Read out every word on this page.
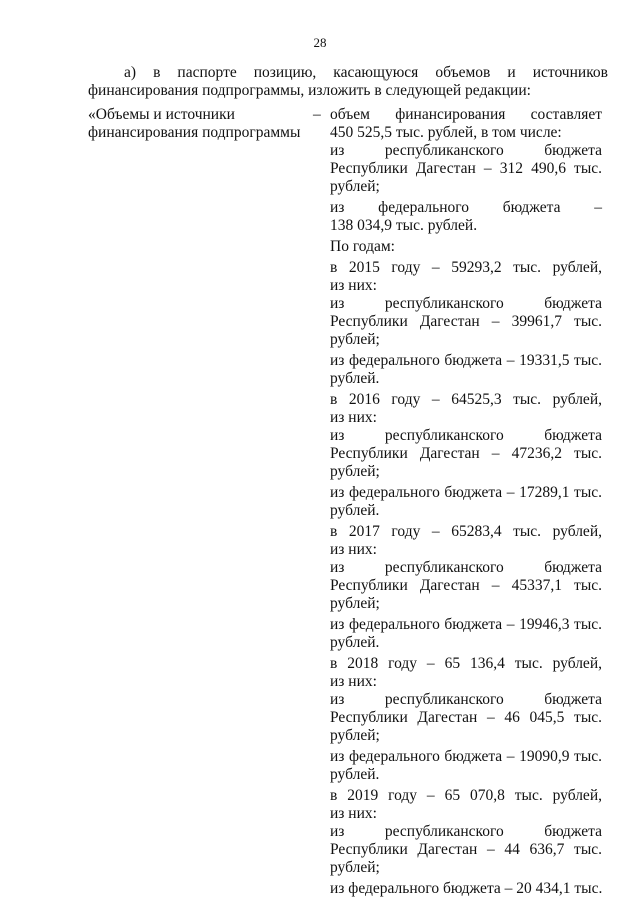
28
а) в паспорте позицию, касающуюся объемов и источников финансирования подпрограммы, изложить в следующей редакции:
«Объемы и источники
финансирования подпрограммы
– объем финансирования составляет
450 525,5 тыс. рублей, в том числе:
из республиканского бюджета
Республики Дагестан – 312 490,6 тыс.
рублей;
из федерального бюджета –
138 034,9 тыс. рублей.
По годам:
в 2015 году – 59293,2 тыс. рублей,
из них:
из республиканского бюджета
Республики Дагестан – 39961,7 тыс.
рублей;
из федерального бюджета – 19331,5 тыс.
рублей.
в 2016 году – 64525,3 тыс. рублей,
из них:
из республиканского бюджета
Республики Дагестан – 47236,2 тыс.
рублей;
из федерального бюджета – 17289,1 тыс.
рублей.
в 2017 году – 65283,4 тыс. рублей,
из них:
из республиканского бюджета
Республики Дагестан – 45337,1 тыс.
рублей;
из федерального бюджета – 19946,3 тыс.
рублей.
в 2018 году – 65 136,4 тыс. рублей,
из них:
из республиканского бюджета
Республики Дагестан – 46 045,5 тыс.
рублей;
из федерального бюджета – 19090,9 тыс.
рублей.
в 2019 году – 65 070,8 тыс. рублей,
из них:
из республиканского бюджета
Республики Дагестан – 44 636,7 тыс.
рублей;
из федерального бюджета – 20 434,1 тыс.
